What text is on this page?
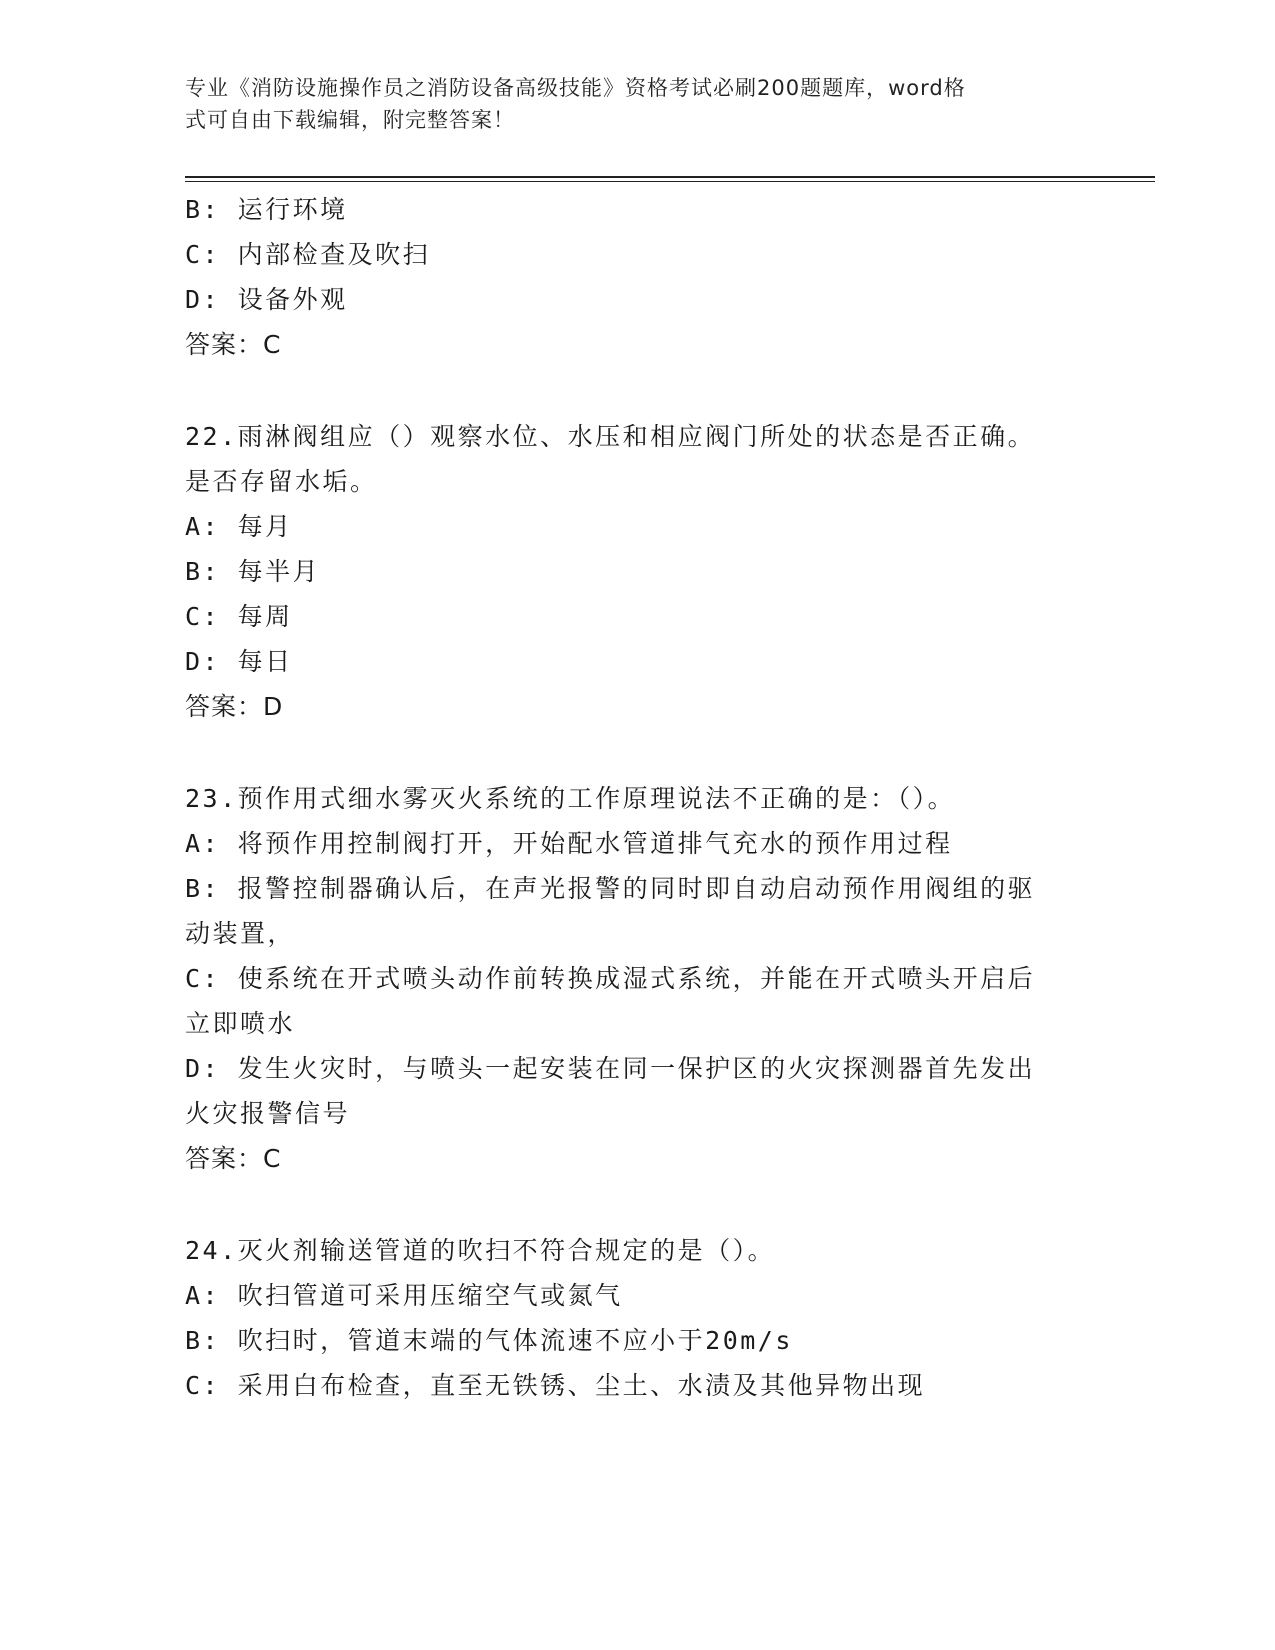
专业《消防设施操作员之消防设备高级技能》资格考试必刷200题题库，word格
式可自由下载编辑，附完整答案！
B: 运行环境
C: 内部检查及吹扫
D: 设备外观
答案：C
22.雨淋阀组应（）观察水位、水压和相应阀门所处的状态是否正确。
是否存留水垢。
A: 每月
B: 每半月
C: 每周
D: 每日
答案：D
23.预作用式细水雾灭火系统的工作原理说法不正确的是：（）。
A: 将预作用控制阀打开，开始配水管道排气充水的预作用过程
B: 报警控制器确认后，在声光报警的同时即自动启动预作用阀组的驱
动装置，
C: 使系统在开式喷头动作前转换成湿式系统，并能在开式喷头开启后
立即喷水
D: 发生火灾时，与喷头一起安装在同一保护区的火灾探测器首先发出
火灾报警信号
答案：C
24.灭火剂输送管道的吹扫不符合规定的是（）。
A: 吹扫管道可采用压缩空气或氮气
B: 吹扫时，管道末端的气体流速不应小于20m/s
C: 采用白布检查，直至无铁锈、尘土、水渍及其他异物出现
